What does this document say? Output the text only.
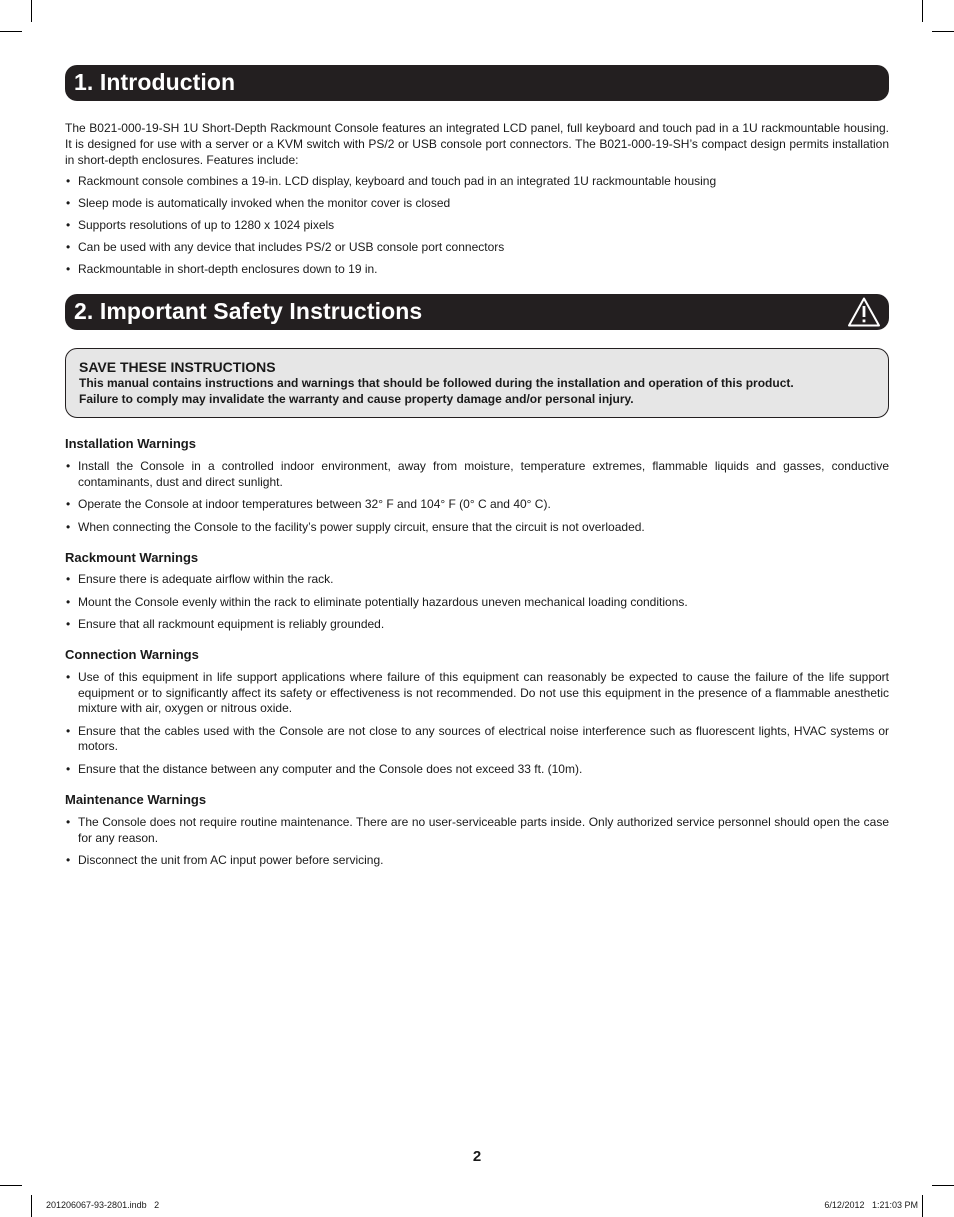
1. Introduction

The B021-000-19-SH 1U Short-Depth Rackmount Console features an integrated LCD panel, full keyboard and touch pad in a 1U rackmountable housing. It is designed for use with a server or a KVM switch with PS/2 or USB console port connectors. The B021-000-19-SH’s compact design permits installation in short-depth enclosures. Features include:

• Rackmount console combines a 19-in. LCD display, keyboard and touch pad in an integrated 1U rackmountable housing
• Sleep mode is automatically invoked when the monitor cover is closed
• Supports resolutions of up to 1280 x 1024 pixels
• Can be used with any device that includes PS/2 or USB console port connectors
• Rackmountable in short-depth enclosures down to 19 in.
2. Important Safety Instructions

SAVE THESE INSTRUCTIONS

This manual contains instructions and warnings that should be followed during the installation and operation of this product.

Failure to comply may invalidate the warranty and cause property damage and/or personal injury.

Installation Warnings

• Install the Console in a controlled indoor environment, away from moisture, temperature extremes, flammable liquids and gasses, conductive contaminants, dust and direct sunlight.
• Operate the Console at indoor temperatures between 32° F and 104° F (0° C and 40° C).
• When connecting the Console to the facility’s power supply circuit, ensure that the circuit is not overloaded.

Rackmount Warnings

• Ensure there is adequate airflow within the rack.
• Mount the Console evenly within the rack to eliminate potentially hazardous uneven mechanical loading conditions.
• Ensure that all rackmount equipment is reliably grounded.

Connection Warnings

• Use of this equipment in life support applications where failure of this equipment can reasonably be expected to cause the failure of the life support equipment or to significantly affect its safety or effectiveness is not recommended. Do not use this equipment in the presence of a flammable anesthetic mixture with air, oxygen or nitrous oxide.
• Ensure that the cables used with the Console are not close to any sources of electrical noise interference such as fluorescent lights, HVAC systems or motors.
• Ensure that the distance between any computer and the Console does not exceed 33 ft. (10m).

Maintenance Warnings

• The Console does not require routine maintenance. There are no user-serviceable parts inside. Only authorized service personnel should open the case for any reason.
• Disconnect the unit from AC input power before servicing.
2
201206067-93-2801.indb   2	6/12/2012   1:21:03 PM
